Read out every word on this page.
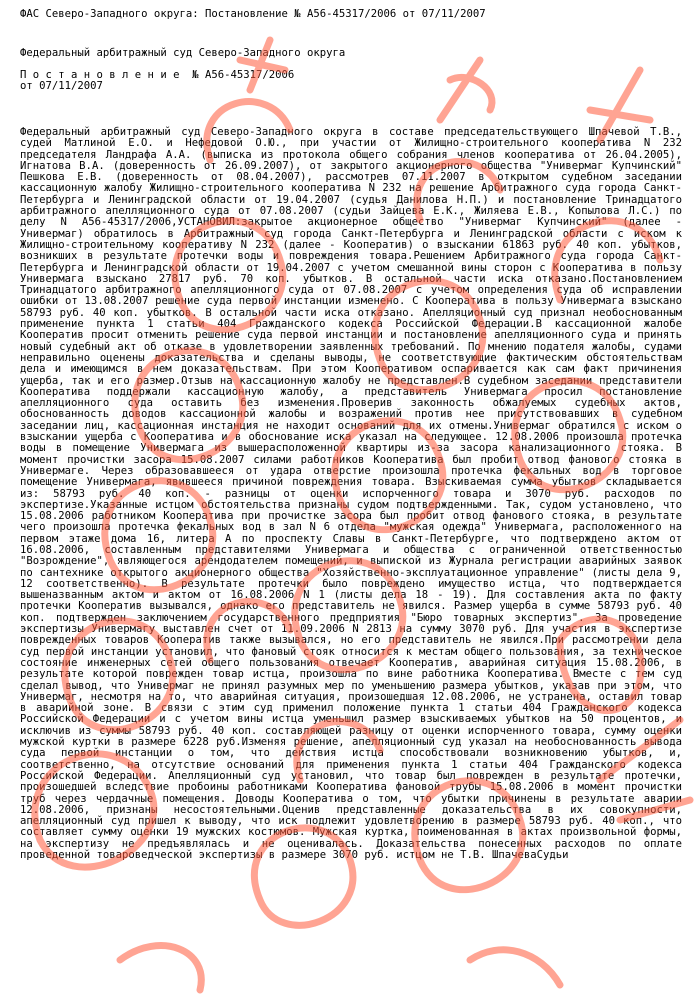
ФАС Северо-Западного округа: Постановление № А56-45317/2006 от 07/11/2007
Федеральный арбитражный суд Северо-Западного округа
П о с т а н о в л е н и е  № А56-45317/2006
от 07/11/2007
Федеральный арбитражный суд Северо-Западного округа в составе председательствующего Шпачевой Т.В., судей Матлиной Е.О. и Нефедовой О.Ю., при участии от Жилищно-строительного кооператива N 232 председателя Ландрафа А.А. (выписка из протокола общего собрания членов кооператива от 26.04.2005), Игнатова В.А. (доверенность от 26.09.2007), от закрытого акционерного общества "Универмаг Купчинский" Пешкова Е.В. (доверенность от 08.04.2007), рассмотрев 07.11.2007 в открытом судебном заседании кассационную жалобу Жилищно-строительного кооператива N 232 на решение Арбитражного суда города Санкт-Петербурга и Ленинградской области от 19.04.2007 (судья Данилова Н.П.) и постановление Тринадцатого арбитражного апелляционного суда от 07.08.2007 (судьи Зайцева Е.К., Жиляева Е.В., Копылова Л.С.) по делу N А56-45317/2006,УСТАНОВИЛ:закрытое акционерное общество "Универмаг Купчинский" (далее - Универмаг) обратилось в Арбитражный суд города Санкт-Петербурга и Ленинградской области с иском к Жилищно-строительному кооперативу N 232 (далее - Кооператив) о взыскании 61863 руб. 40 коп. убытков, возникших в результате протечки воды и повреждения товара.Решением Арбитражного суда города Санкт-Петербурга и Ленинградской области от 19.04.2007 с учетом смешанной вины сторон с Кооператива в пользу Универмага взыскано 27817 руб. 70 коп. убытков. В остальной части иска отказано.Постановлением Тринадцатого арбитражного апелляционного суда от 07.08.2007 с учетом определения суда об исправлении ошибки от 13.08.2007 решение суда первой инстанции изменено. С Кооператива в пользу Универмага взыскано 58793 руб. 40 коп. убытков. В остальной части иска отказано. Апелляционный суд признал необоснованным применение пункта 1 статьи 404 Гражданского кодекса Российской Федерации.В кассационной жалобе Кооператив просит отменить решение суда первой инстанции и постановление апелляционного суда и принять новый судебный акт об отказе в удовлетворении заявленных требований. По мнению подателя жалобы, судами неправильно оценены доказательства и сделаны выводы, не соответствующие фактическим обстоятельствам дела и имеющимся в нем доказательствам. При этом Кооперативом оспаривается как сам факт причинения ущерба, так и его размер.Отзыв на кассационную жалобу не представлен.В судебном заседании представители Кооператива поддержали кассационную жалобу, а представитель Универмага просил постановление апелляционного суда оставить без изменения.Проверив законность обжалуемых судебных актов, обоснованность доводов кассационной жалобы и возражений против нее присутствовавших в судебном заседании лиц, кассационная инстанция не находит оснований для их отмены.Универмаг обратился с иском о взыскании ущерба с Кооператива и в обоснование иска указал на следующее. 12.08.2006 произошла протечка воды в помещение Универмага из вышерасположенной квартиры из-за засора канализационного стояка. В момент прочистки засора 15.08.2007 силами работников Кооператива был пробит отвод фанового стояка в Универмаге. Через образовавшееся от удара отверстие произошла протечка фекальных вод в торговое помещение Универмага, явившееся причиной повреждения товара. Взыскиваемая сумма убытков складывается из: 58793 руб. 40 коп. - разницы от оценки испорченного товара и 3070 руб. расходов по экспертизе.Указанные истцом обстоятельства признаны судом подтвержденными. Так, судом установлено, что 15.08.2006 работником Кооператива при прочистке засора был пробит отвод фанового стояка, в результате чего произошла протечка фекальных вод в зал N 6 отдела "мужская одежда" Универмага, расположенного на первом этаже дома 16, литера А по проспекту Славы в Санкт-Петербурге, что подтверждено актом от 16.08.2006, составленным представителями Универмага и общества с ограниченной ответственностью "Возрождение", являющегося арендодателем помещений, и выпиской из Журнала регистрации аварийных заявок по сантехнике открытого акционерного общества "Хозяйственно-эксплуатационное управление" (листы дела 9, 12 соответственно). В результате протечки было повреждено имущество истца, что подтверждается вышеназванным актом и актом от 16.08.2006 N 1 (листы дела 18 - 19). Для составления акта по факту протечки Кооператив вызывался, однако его представитель не явился. Размер ущерба в сумме 58793 руб. 40 коп. подтвержден заключением государственного предприятия "Бюро товарных экспертиз". За проведение экспертизы Универмагу выставлен счет от 11.09.2006 N 2813 на сумму 3070 руб. Для участия в экспертизе поврежденных товаров Кооператив также вызывался, но его представитель не явился.При рассмотрении дела суд первой инстанции установил, что фановый стояк относится к местам общего пользования, за техническое состояние инженерных сетей общего пользования отвечает Кооператив, аварийная ситуация 15.08.2006, в результате которой поврежден товар истца, произошла по вине работника Кооператива. Вместе с тем суд сделал вывод, что Универмаг не принял разумных мер по уменьшению размера убытков, указав при этом, что Универмаг, несмотря на то, что аварийная ситуация, произошедшая 12.08.2006, не устранена, оставил товар в аварийной зоне. В связи с этим суд применил положение пункта 1 статьи 404 Гражданского кодекса Российской Федерации и с учетом вины истца уменьшил размер взыскиваемых убытков на 50 процентов, и исключив из суммы 58793 руб. 40 коп. составляющей разницу от оценки испорченного товара, сумму оценки мужской куртки в размере 6228 руб.Изменяя решение, апелляционный суд указал на необоснованность вывода суда первой инстанции о том, что действия истца способствовали возникновению убытков, и, соответственно, на отсутствие оснований для применения пункта 1 статьи 404 Гражданского кодекса Российской Федерации. Апелляционный суд установил, что товар был поврежден в результате протечки, произошедшей вследствие пробоины работниками Кооператива фановой трубы 15.08.2006 в момент прочистки труб через чердачные помещения. Доводы Кооператива о том, что убытки причинены в результате аварии 12.08.2006, признаны несостоятельными.Оценив представленные доказательства в их совокупности, апелляционный суд пришел к выводу, что иск подлежит удовлетворению в размере 58793 руб. 40 коп., что составляет сумму оценки 19 мужских костюмов. Мужская куртка, поименованная в актах произвольной формы, на экспертизу не предъявлялась и не оценивалась. Доказательства понесенных расходов по оплате проведенной товароведческой экспертизы в размере 3070 руб. истцом не Т.В. ШпачеваСудьи
